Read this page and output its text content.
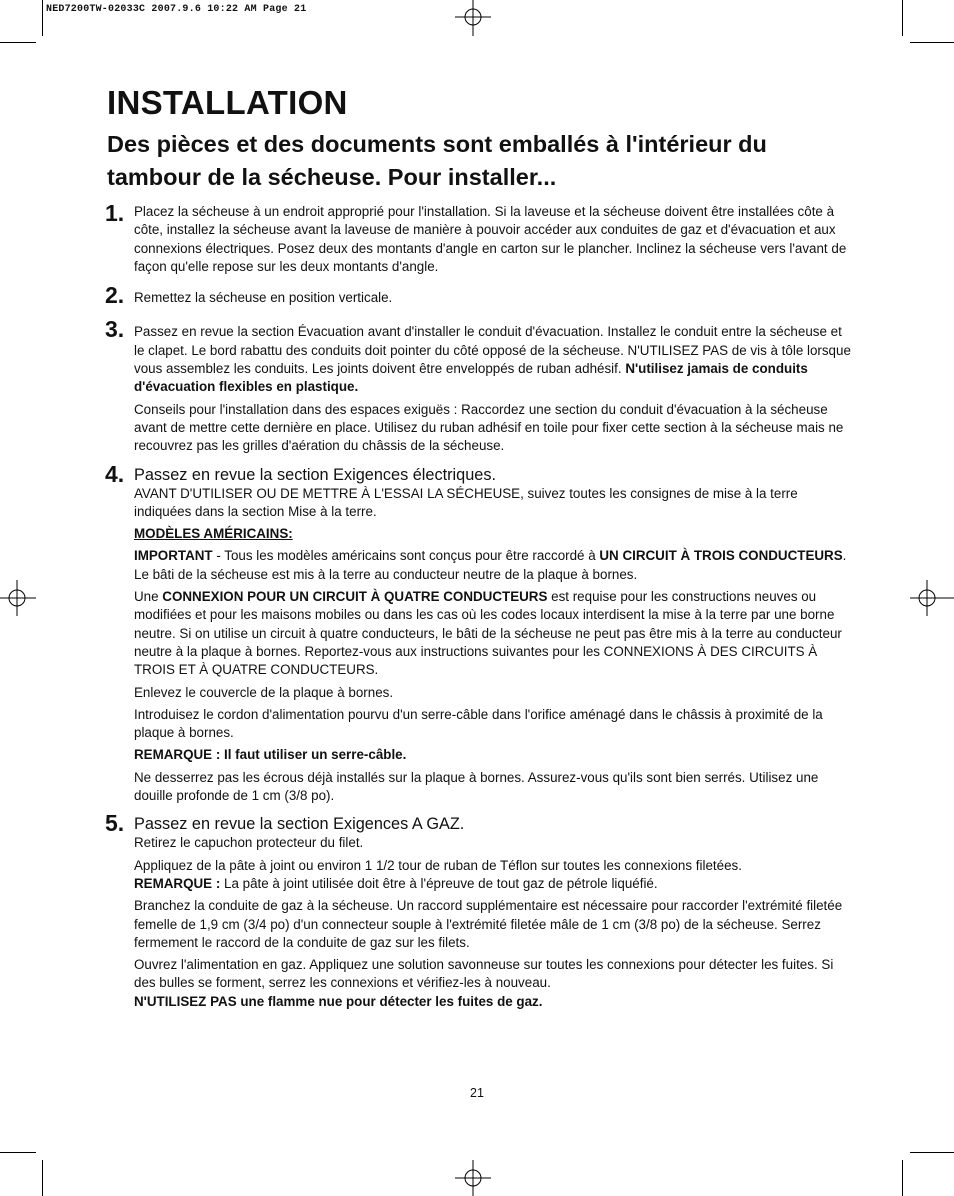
NED7200TW-02033C 2007.9.6 10:22 AM Page 21
INSTALLATION
Des pièces et des documents sont emballés à l'intérieur du tambour de la sécheuse. Pour installer...
1. Placez la sécheuse à un endroit approprié pour l'installation. Si la laveuse et la sécheuse doivent être installées côte à côte, installez la sécheuse avant la laveuse de manière à pouvoir accéder aux conduites de gaz et d'évacuation et aux connexions électriques. Posez deux des montants d'angle en carton sur le plancher. Inclinez la sécheuse vers l'avant de façon qu'elle repose sur les deux montants d'angle.

2. Remettez la sécheuse en position verticale.

3. Passez en revue la section Évacuation avant d'installer le conduit d'évacuation. Installez le conduit entre la sécheuse et le clapet. Le bord rabattu des conduits doit pointer du côté opposé de la sécheuse. N'UTILISEZ PAS de vis à tôle lorsque vous assemblez les conduits. Les joints doivent être enveloppés de ruban adhésif. N'utilisez jamais de conduits d'évacuation flexibles en plastique.

Conseils pour l'installation dans des espaces exiguës : Raccordez une section du conduit d'évacuation à la sécheuse avant de mettre cette dernière en place. Utilisez du ruban adhésif en toile pour fixer cette section à la sécheuse mais ne recouvrez pas les grilles d'aération du châssis de la sécheuse.

4. Passez en revue la section Exigences électriques.

AVANT D'UTILISER OU DE METTRE À L'ESSAI LA SÉCHEUSE, suivez toutes les consignes de mise à la terre indiquées dans la section Mise à la terre.

MODÈLES AMÉRICAINS:

IMPORTANT - Tous les modèles américains sont conçus pour être raccordé à UN CIRCUIT À TROIS CONDUCTEURS. Le bâti de la sécheuse est mis à la terre au conducteur neutre de la plaque à bornes.

Une CONNEXION POUR UN CIRCUIT À QUATRE CONDUCTEURS est requise pour les constructions neuves ou modifiées et pour les maisons mobiles ou dans les cas où les codes locaux interdisent la mise à la terre par une borne neutre. Si on utilise un circuit à quatre conducteurs, le bâti de la sécheuse ne peut pas être mis à la terre au conducteur neutre à la plaque à bornes. Reportez-vous aux instructions suivantes pour les CONNEXIONS À DES CIRCUITS À TROIS ET À QUATRE CONDUCTEURS.

Enlevez le couvercle de la plaque à bornes.

Introduisez le cordon d'alimentation pourvu d'un serre-câble dans l'orifice aménagé dans le châssis à proximité de la plaque à bornes.

REMARQUE : Il faut utiliser un serre-câble.

Ne desserrez pas les écrous déjà installés sur la plaque à bornes. Assurez-vous qu'ils sont bien serrés. Utilisez une douille profonde de 1 cm (3/8 po).

5. Passez en revue la section Exigences A GAZ.

Retirez le capuchon protecteur du filet.

Appliquez de la pâte à joint ou environ 1 1/2 tour de ruban de Téflon sur toutes les connexions filetées.
REMARQUE : La pâte à joint utilisée doit être à l'épreuve de tout gaz de pétrole liquéfié.

Branchez la conduite de gaz à la sécheuse. Un raccord supplémentaire est nécessaire pour raccorder l'extrémité filetée femelle de 1,9 cm (3/4 po) d'un connecteur souple à l'extrémité filetée mâle de 1 cm (3/8 po) de la sécheuse. Serrez fermement le raccord de la conduite de gaz sur les filets.

Ouvrez l'alimentation en gaz. Appliquez une solution savonneuse sur toutes les connexions pour détecter les fuites. Si des bulles se forment, serrez les connexions et vérifiez-les à nouveau.
N'UTILISEZ PAS une flamme nue pour détecter les fuites de gaz.

21
